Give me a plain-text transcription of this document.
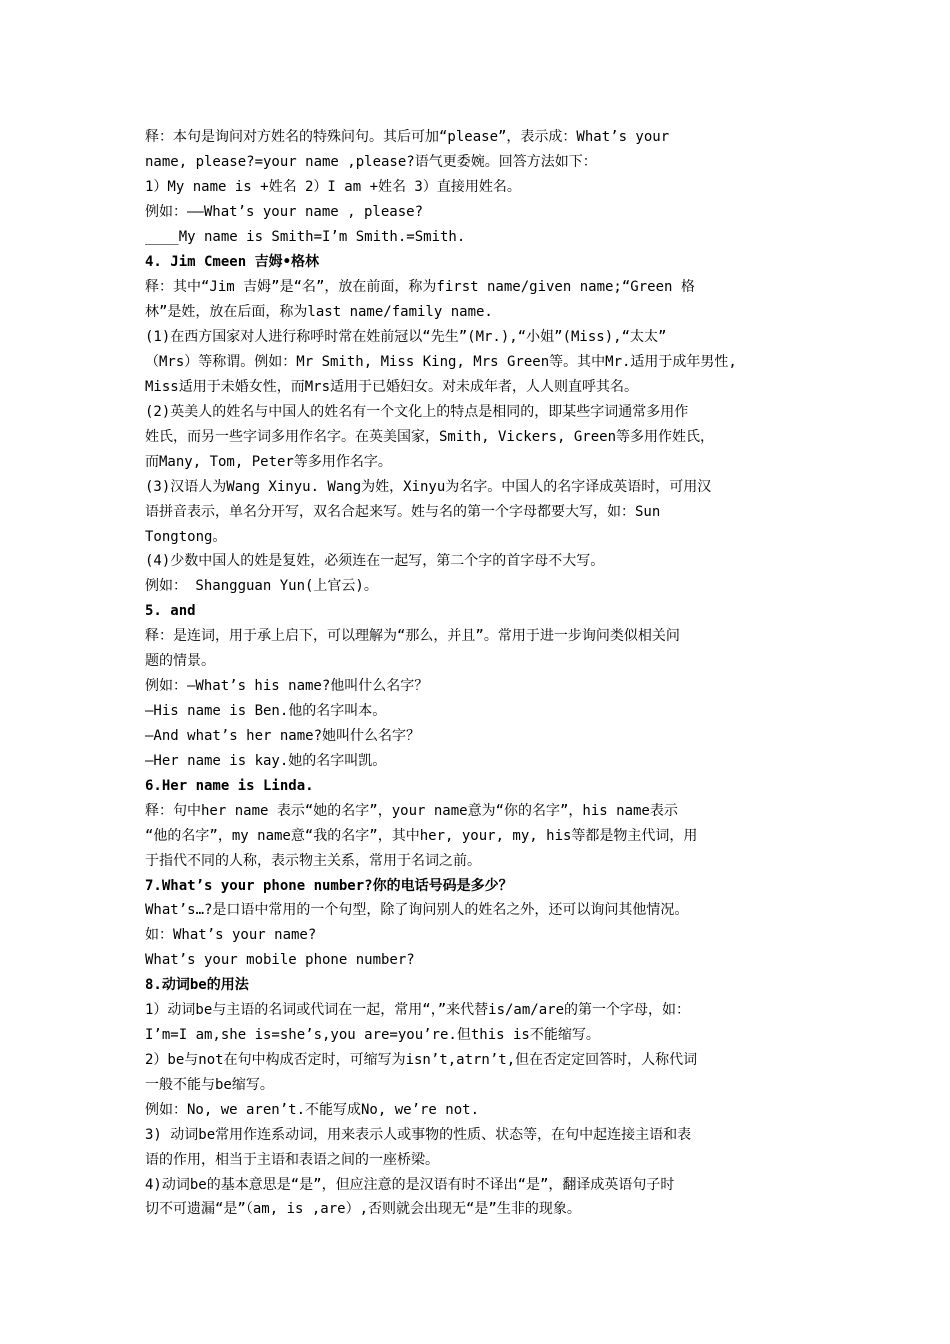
释：本句是询问对方姓名的特殊问句。其后可加“please”，表示成：What’s your
name, please?=your name ,please?语气更委婉。回答方法如下：
1）My name is +姓名 2）I am +姓名 3）直接用姓名。
例如：——What’s your name , please?
____My name is Smith=I’m Smith.=Smith.
4. Jim Cmeen 吉姆•格林
释：其中“Jim 吉姆”是“名”，放在前面，称为first name/given name;“Green 格
林”是姓，放在后面，称为last name/family name.
(1)在西方国家对人进行称呼时常在姓前冠以“先生”(Mr.),“小姐”(Miss),“太太”
（Mrs）等称谓。例如：Mr Smith, Miss King, Mrs Green等。其中Mr.适用于成年男性,
Miss适用于未婚女性，而Mrs适用于已婚妇女。对未成年者，人人则直呼其名。
(2)英美人的姓名与中国人的姓名有一个文化上的特点是相同的，即某些字词通常多用作
姓氏，而另一些字词多用作名字。在英美国家，Smith, Vickers, Green等多用作姓氏，
而Many, Tom, Peter等多用作名字。
(3)汉语人为Wang Xinyu. Wang为姓，Xinyu为名字。中国人的名字译成英语时，可用汉
语拼音表示，单名分开写，双名合起来写。姓与名的第一个字母都要大写，如：Sun
Tongtong。
(4)少数中国人的姓是复姓，必须连在一起写，第二个字的首字母不大写。
例如： Shangguan Yun(上官云)。
5. and
释：是连词，用于承上启下，可以理解为“那么，并且”。常用于进一步询问类似相关问
题的情景。
例如：—What’s his name?他叫什么名字？
—His name is Ben.他的名字叫本。
—And what’s her name?她叫什么名字？
—Her name is kay.她的名字叫凯。
6.Her name is Linda.
释：句中her name 表示“她的名字”，your name意为“你的名字”，his name表示
“他的名字”，my name意“我的名字”，其中her, your, my, his等都是物主代词，用
于指代不同的人称，表示物主关系，常用于名词之前。
7.What’s your phone number?你的电话号码是多少？
What’s…?是口语中常用的一个句型，除了询问别人的姓名之外，还可以询问其他情况。
如：What’s your name?
What’s your mobile phone number?
8.动词be的用法
1）动词be与主语的名词或代词在一起，常用“，”来代替is/am/are的第一个字母，如：
I’m=I am,she is=she’s,you are=you’re.但this is不能缩写。
2）be与not在句中构成否定时，可缩写为isn’t,atrn’t,但在否定定回答时，人称代词
一般不能与be缩写。
例如：No, we aren’t.不能写成No, we’re not.
3) 动词be常用作连系动词，用来表示人或事物的性质、状态等，在句中起连接主语和表
语的作用，相当于主语和表语之间的一座桥梁。
4)动词be的基本意思是“是”，但应注意的是汉语有时不译出“是”，翻译成英语句子时
切不可遗漏“是”（am, is ,are）,否则就会出现无“是”生非的现象。
